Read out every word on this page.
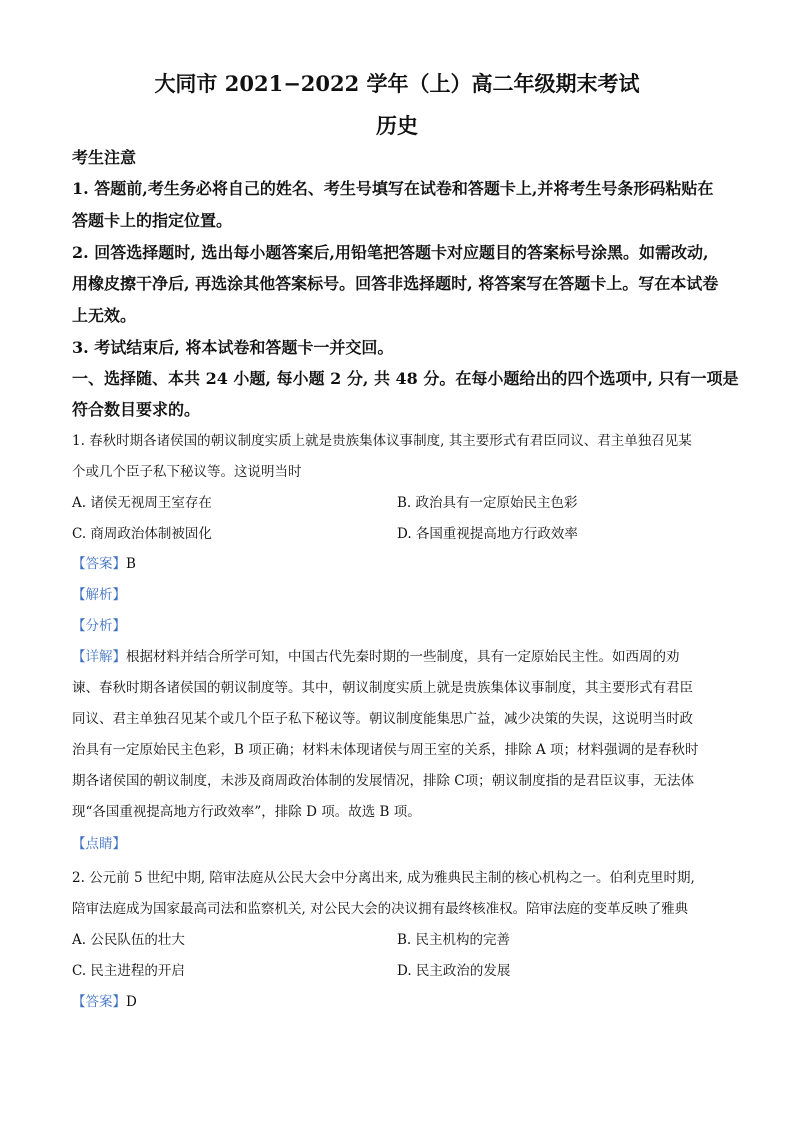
大同市 2021−2022 学年（上）高二年级期末考试
历史
考生注意
1. 答题前,考生务必将自己的姓名、考生号填写在试卷和答题卡上,并将考生号条形码粘贴在
答题卡上的指定位置。
2. 回答选择题时, 选出每小题答案后,用铅笔把答题卡对应题目的答案标号涂黑。如需改动,
用橡皮擦干净后, 再选涂其他答案标号。回答非选择题时, 将答案写在答题卡上。写在本试卷
上无效。
3. 考试结束后, 将本试卷和答题卡一并交回。
一、选择随、本共 24 小题, 每小题 2 分, 共 48 分。在每小题给出的四个选项中, 只有一项是
符合数目要求的。
1. 春秋时期各诸侯国的朝议制度实质上就是贵族集体议事制度, 其主要形式有君臣同议、君主单独召见某
个或几个臣子私下秘议等。这说明当时
A. 诸侯无视周王室存在	B. 政治具有一定原始民主色彩
C. 商周政治体制被固化	D. 各国重视提高地方行政效率
【答案】B
【解析】
【分析】
【详解】根据材料并结合所学可知，中国古代先秦时期的一些制度，具有一定原始民主性。如西周的劝
谏、春秋时期各诸侯国的朝议制度等。其中，朝议制度实质上就是贵族集体议事制度，其主要形式有君臣
同议、君主单独召见某个或几个臣子私下秘议等。朝议制度能集思广益，减少决策的失误，这说明当时政
治具有一定原始民主色彩，B 项正确；材料未体现诸侯与周王室的关系，排除 A 项；材料强调的是春秋时
期各诸侯国的朝议制度，未涉及商周政治体制的发展情况，排除 C项；朝议制度指的是君臣议事，无法体
现“各国重视提高地方行政效率”，排除 D 项。故选 B 项。
【点睛】
2. 公元前 5 世纪中期, 陪审法庭从公民大会中分离出来, 成为雅典民主制的核心机构之一。伯利克里时期,
陪审法庭成为国家最高司法和监察机关, 对公民大会的决议拥有最终核准权。陪审法庭的变革反映了雅典
A. 公民队伍的壮大	B. 民主机构的完善
C. 民主进程的开启	D. 民主政治的发展
【答案】D
